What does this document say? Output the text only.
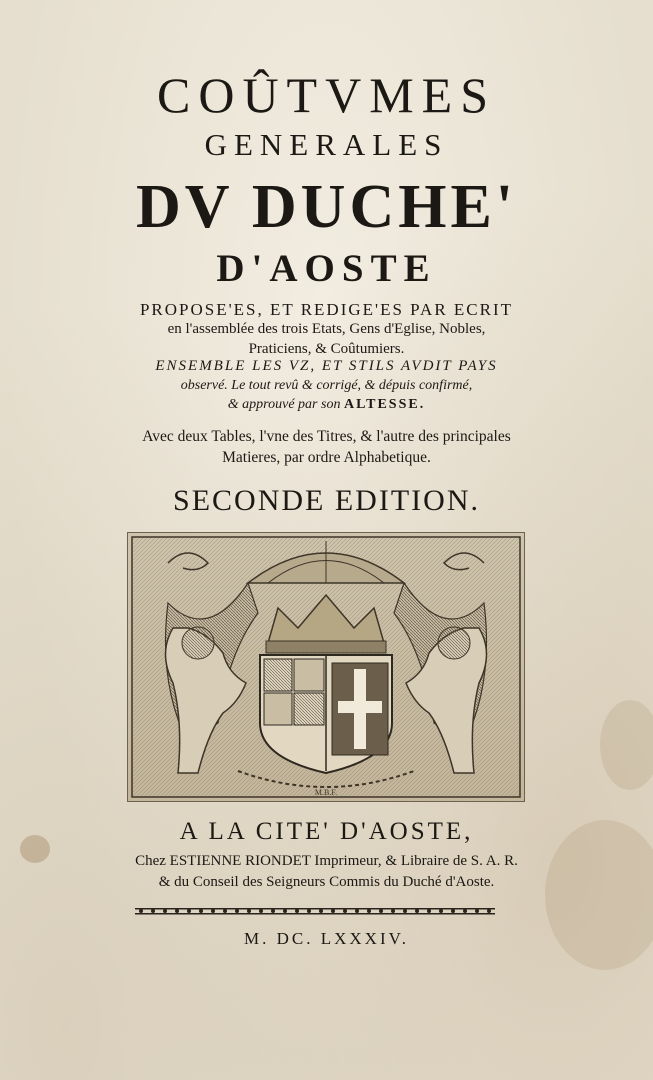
COÛTVMES
GENERALES
DV DUCHE'
D'AOSTE
PROPOSE'ES, ET REDIGE'ES PAR ECRIT
en l'assemblée des trois Etats, Gens d'Eglise, Nobles,
Praticiens, & Coûtumiers.
ENSEMBLE LES VZ, ET STILS AVDIT PAYS
observé. Le tout revû & corrigé, & dépuis confirmé,
& approuvé par son ALTESSE.
Avec deux Tables, l'vne des Titres, & l'autre des principales
Matieres, par ordre Alphabetique.
SECONDE EDITION.
M.B.F.
A LA CITE' D'AOSTE,
Chez ESTIENNE RIONDET Imprimeur, & Libraire de S. A. R.
& du Conseil des Seigneurs Commis du Duché d'Aoste.
M. DC. LXXXIV.
